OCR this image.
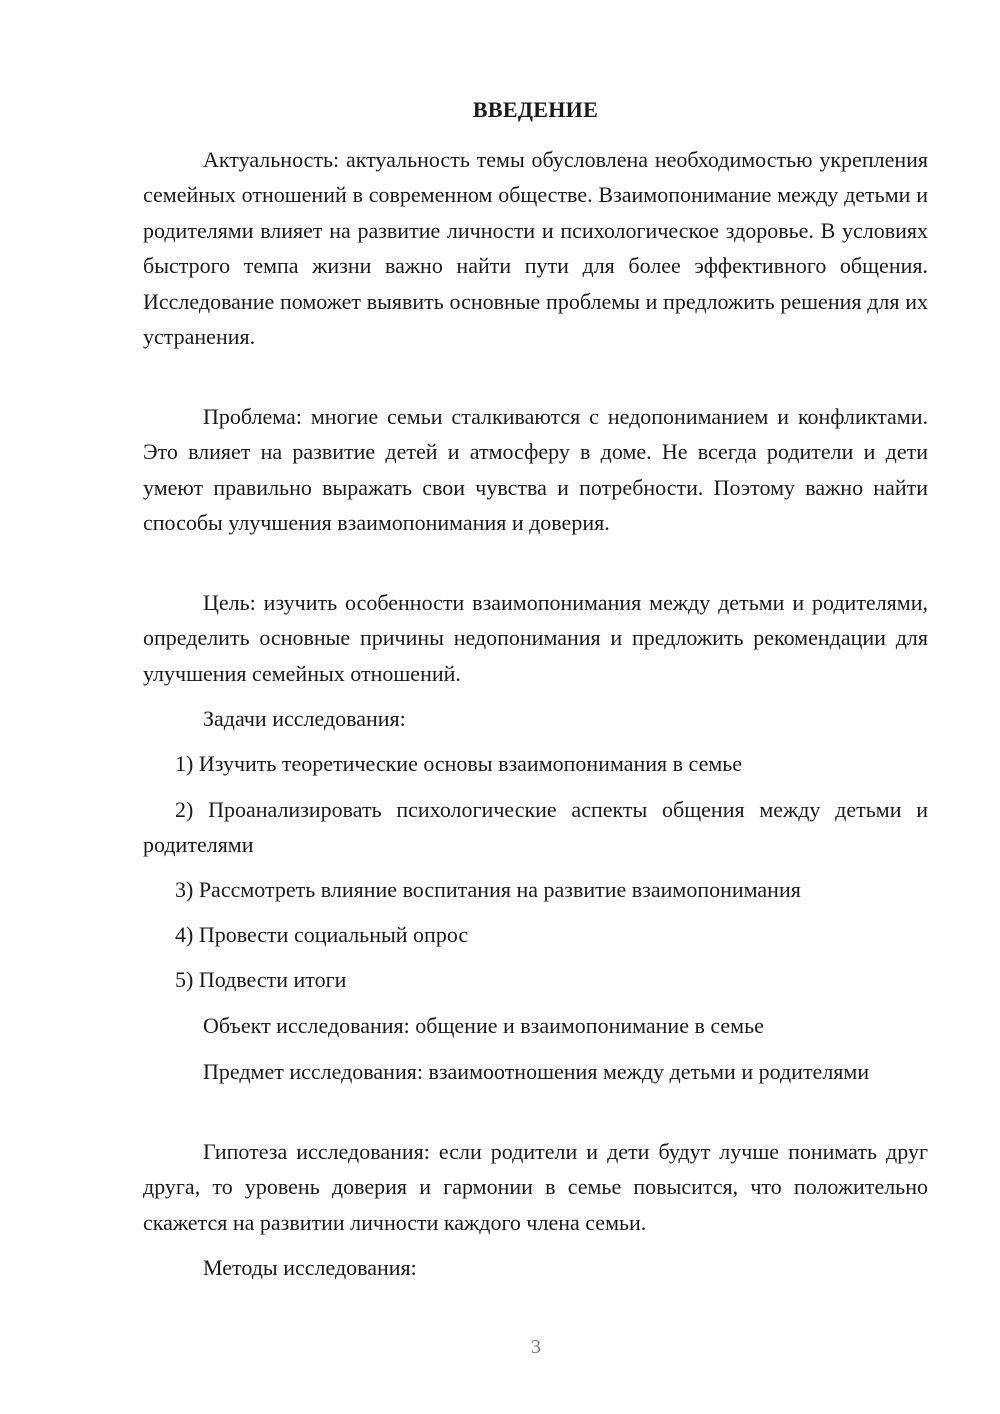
ВВЕДЕНИЕ

Актуальность: актуальность темы обусловлена необходимостью укрепления семейных отношений в современном обществе. Взаимопонимание между детьми и родителями влияет на развитие личности и психологическое здоровье. В условиях быстрого темпа жизни важно найти пути для более эффективного общения. Исследование поможет выявить основные проблемы и предложить решения для их устранения.

Проблема: многие семьи сталкиваются с недопониманием и конфликтами. Это влияет на развитие детей и атмосферу в доме. Не всегда родители и дети умеют правильно выражать свои чувства и потребности. Поэтому важно найти способы улучшения взаимопонимания и доверия.

Цель: изучить особенности взаимопонимания между детьми и родителями, определить основные причины недопонимания и предложить рекомендации для улучшения семейных отношений.

Задачи исследования:

1) Изучить теоретические основы взаимопонимания в семье

2) Проанализировать психологические аспекты общения между детьми и родителями

3) Рассмотреть влияние воспитания на развитие взаимопонимания

4) Провести социальный опрос

5) Подвести итоги

Объект исследования: общение и взаимопонимание в семье

Предмет исследования: взаимоотношения между детьми и родителями

Гипотеза исследования: если родители и дети будут лучше понимать друг друга, то уровень доверия и гармонии в семье повысится, что положительно скажется на развитии личности каждого члена семьи.

Методы исследования:

3
